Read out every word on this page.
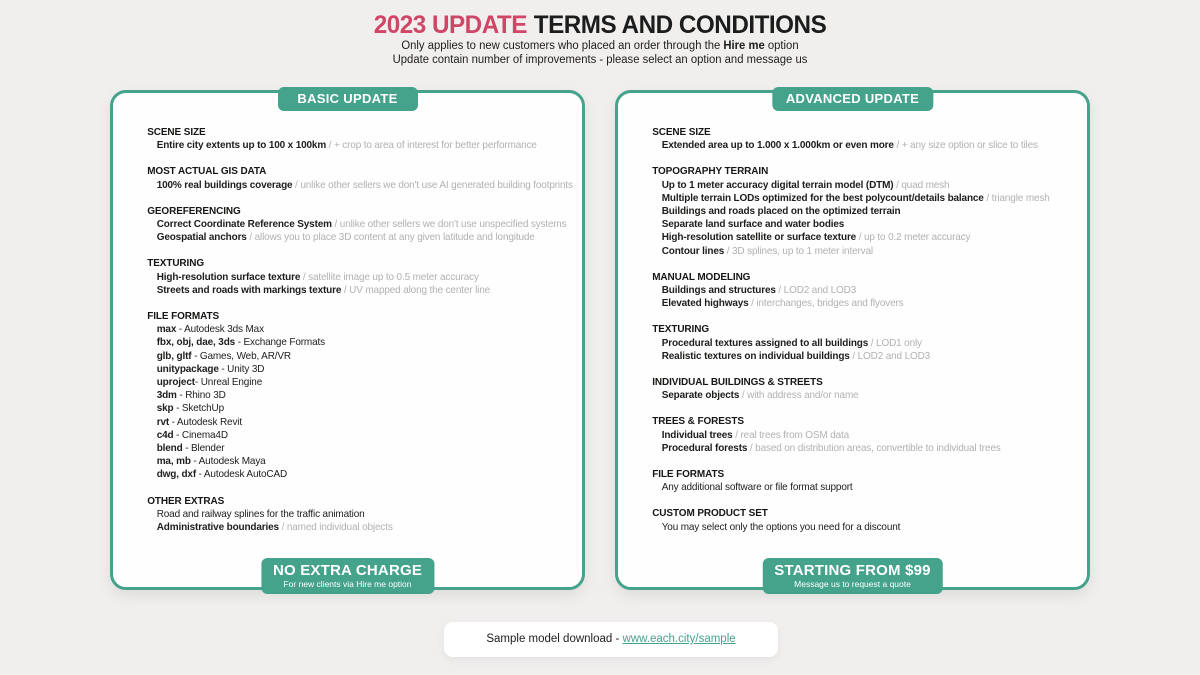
2023 UPDATE TERMS AND CONDITIONS

Only applies to new customers who placed an order through the Hire me option

Update contain number of improvements - please select an option and message us

BASIC UPDATE
SCENE SIZE
Entire city extents up to 100 x 100km / + crop to area of interest for better performance
MOST ACTUAL GIS DATA
100% real buildings coverage / unlike other sellers we don't use AI generated building footprints
GEOREFERENCING
Correct Coordinate Reference System / unlike other sellers we don't use unspecified systems
Geospatial anchors / allows you to place 3D content at any given latitude and longitude
TEXTURING
High-resolution surface texture / satellite image up to 0.5 meter accuracy
Streets and roads with markings texture / UV mapped along the center line
FILE FORMATS
max - Autodesk 3ds Max
fbx, obj, dae, 3ds - Exchange Formats
glb, gltf - Games, Web, AR/VR
unitypackage - Unity 3D
uproject- Unreal Engine
3dm - Rhino 3D
skp - SketchUp
rvt - Autodesk Revit
c4d - Cinema4D
blend - Blender
ma, mb - Autodesk Maya
dwg, dxf - Autodesk AutoCAD
OTHER EXTRAS
Road and railway splines for the traffic animation
Administrative boundaries / named individual objects
NO EXTRA CHARGE
For new clients via Hire me option
ADVANCED UPDATE
SCENE SIZE
Extended area up to 1.000 x 1.000km or even more / + any size option or slice to tiles
TOPOGRAPHY TERRAIN
Up to 1 meter accuracy digital terrain model (DTM) / quad mesh
Multiple terrain LODs optimized for the best polycount/details balance / triangle mesh
Buildings and roads placed on the optimized terrain
Separate land surface and water bodies
High-resolution satellite or surface texture / up to 0.2 meter accuracy
Contour lines / 3D splines, up to 1 meter interval
MANUAL MODELING
Buildings and structures / LOD2 and LOD3
Elevated highways / interchanges, bridges and flyovers
TEXTURING
Procedural textures assigned to all buildings / LOD1 only
Realistic textures on individual buildings / LOD2 and LOD3
INDIVIDUAL BUILDINGS & STREETS
Separate objects / with address and/or name
TREES & FORESTS
Individual trees / real trees from OSM data
Procedural forests / based on distribution areas, convertible to individual trees
FILE FORMATS
Any additional software or file format support
CUSTOM PRODUCT SET
You may select only the options you need for a discount
STARTING FROM $99
Message us to request a quote
Sample model download - www.each.city/sample
